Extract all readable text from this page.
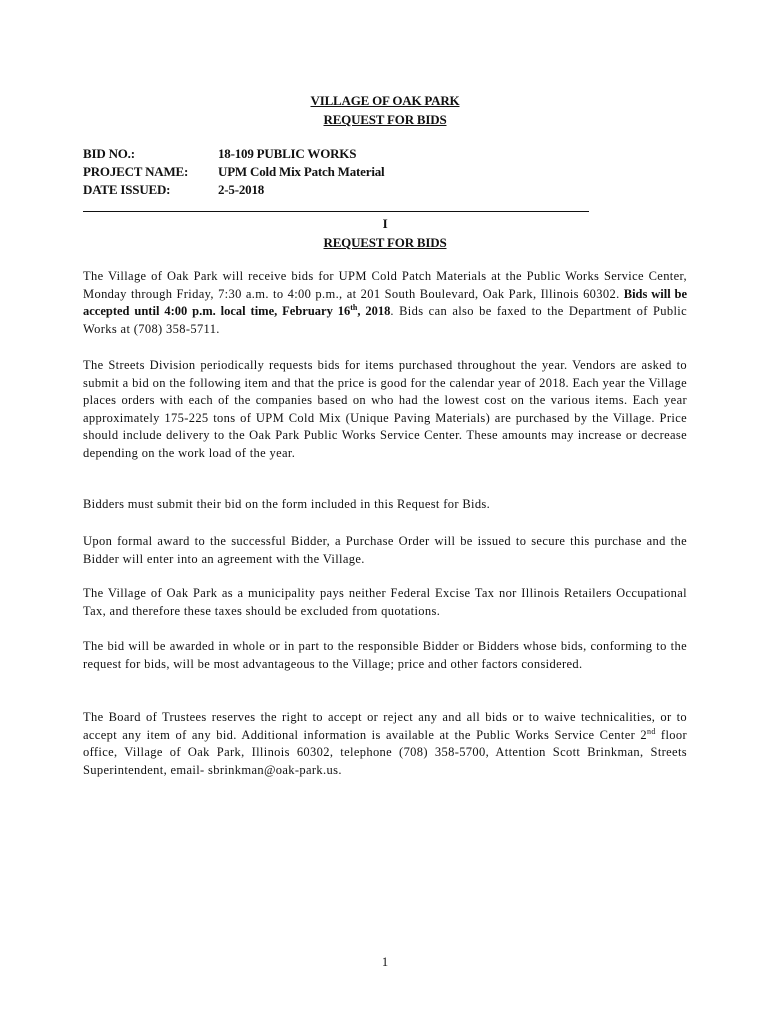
VILLAGE OF OAK PARK
REQUEST FOR BIDS
BID NO.:	18-109 PUBLIC WORKS
PROJECT NAME: UPM Cold Mix Patch Material
DATE ISSUED:	2-5-2018
I
REQUEST FOR BIDS

The Village of Oak Park will receive bids for UPM Cold Patch Materials at the Public Works Service Center, Monday through Friday, 7:30 a.m. to 4:00 p.m., at 201 South Boulevard, Oak Park, Illinois 60302. Bids will be accepted until 4:00 p.m. local time, February 16th, 2018. Bids can also be faxed to the Department of Public Works at (708) 358-5711.

The Streets Division periodically requests bids for items purchased throughout the year. Vendors are asked to submit a bid on the following item and that the price is good for the calendar year of 2018. Each year the Village places orders with each of the companies based on who had the lowest cost on the various items. Each year approximately 175-225 tons of UPM Cold Mix (Unique Paving Materials) are purchased by the Village. Price should include delivery to the Oak Park Public Works Service Center. These amounts may increase or decrease depending on the work load of the year.

Bidders must submit their bid on the form included in this Request for Bids.

Upon formal award to the successful Bidder, a Purchase Order will be issued to secure this purchase and the Bidder will enter into an agreement with the Village.

The Village of Oak Park as a municipality pays neither Federal Excise Tax nor Illinois Retailers Occupational Tax, and therefore these taxes should be excluded from quotations.

The bid will be awarded in whole or in part to the responsible Bidder or Bidders whose bids, conforming to the request for bids, will be most advantageous to the Village; price and other factors considered.

The Board of Trustees reserves the right to accept or reject any and all bids or to waive technicalities, or to accept any item of any bid. Additional information is available at the Public Works Service Center 2nd floor office, Village of Oak Park, Illinois 60302, telephone (708) 358-5700, Attention Scott Brinkman, Streets Superintendent, email- sbrinkman@oak-park.us.

1
